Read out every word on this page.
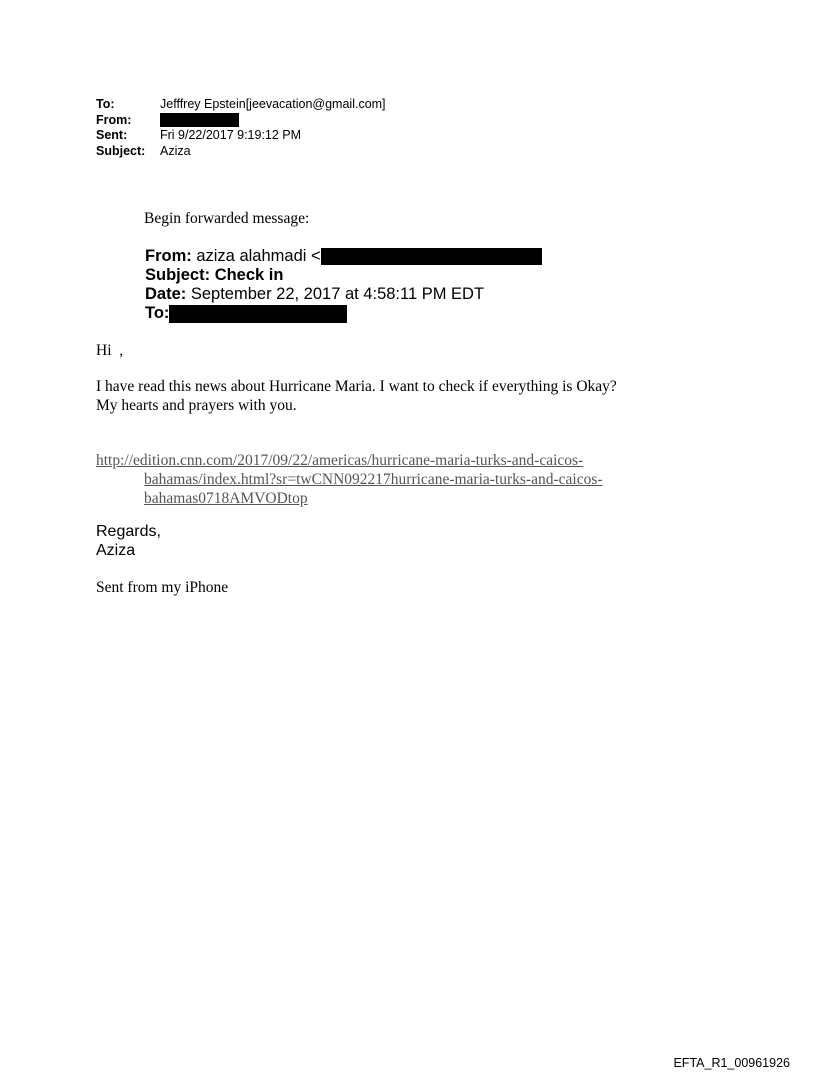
To:	Jefffrey Epstein[jeevacation@gmail.com]
From:
Sent:	Fri 9/22/2017 9:19:12 PM
Subject:	Aziza
Begin forwarded message:
From: aziza alahmadi <
Subject: Check in
Date: September 22, 2017 at 4:58:11 PM EDT
To:
Hi  ,
I have read this news about Hurricane Maria. I want to check if everything is Okay?
My hearts and prayers with you.
http://edition.cnn.com/2017/09/22/americas/hurricane-maria-turks-and-caicos-
bahamas/index.html?sr=twCNN092217hurricane-maria-turks-and-caicos-
bahamas0718AMVODtop
Regards,
Aziza
Sent from my iPhone
EFTA_R1_00961926
